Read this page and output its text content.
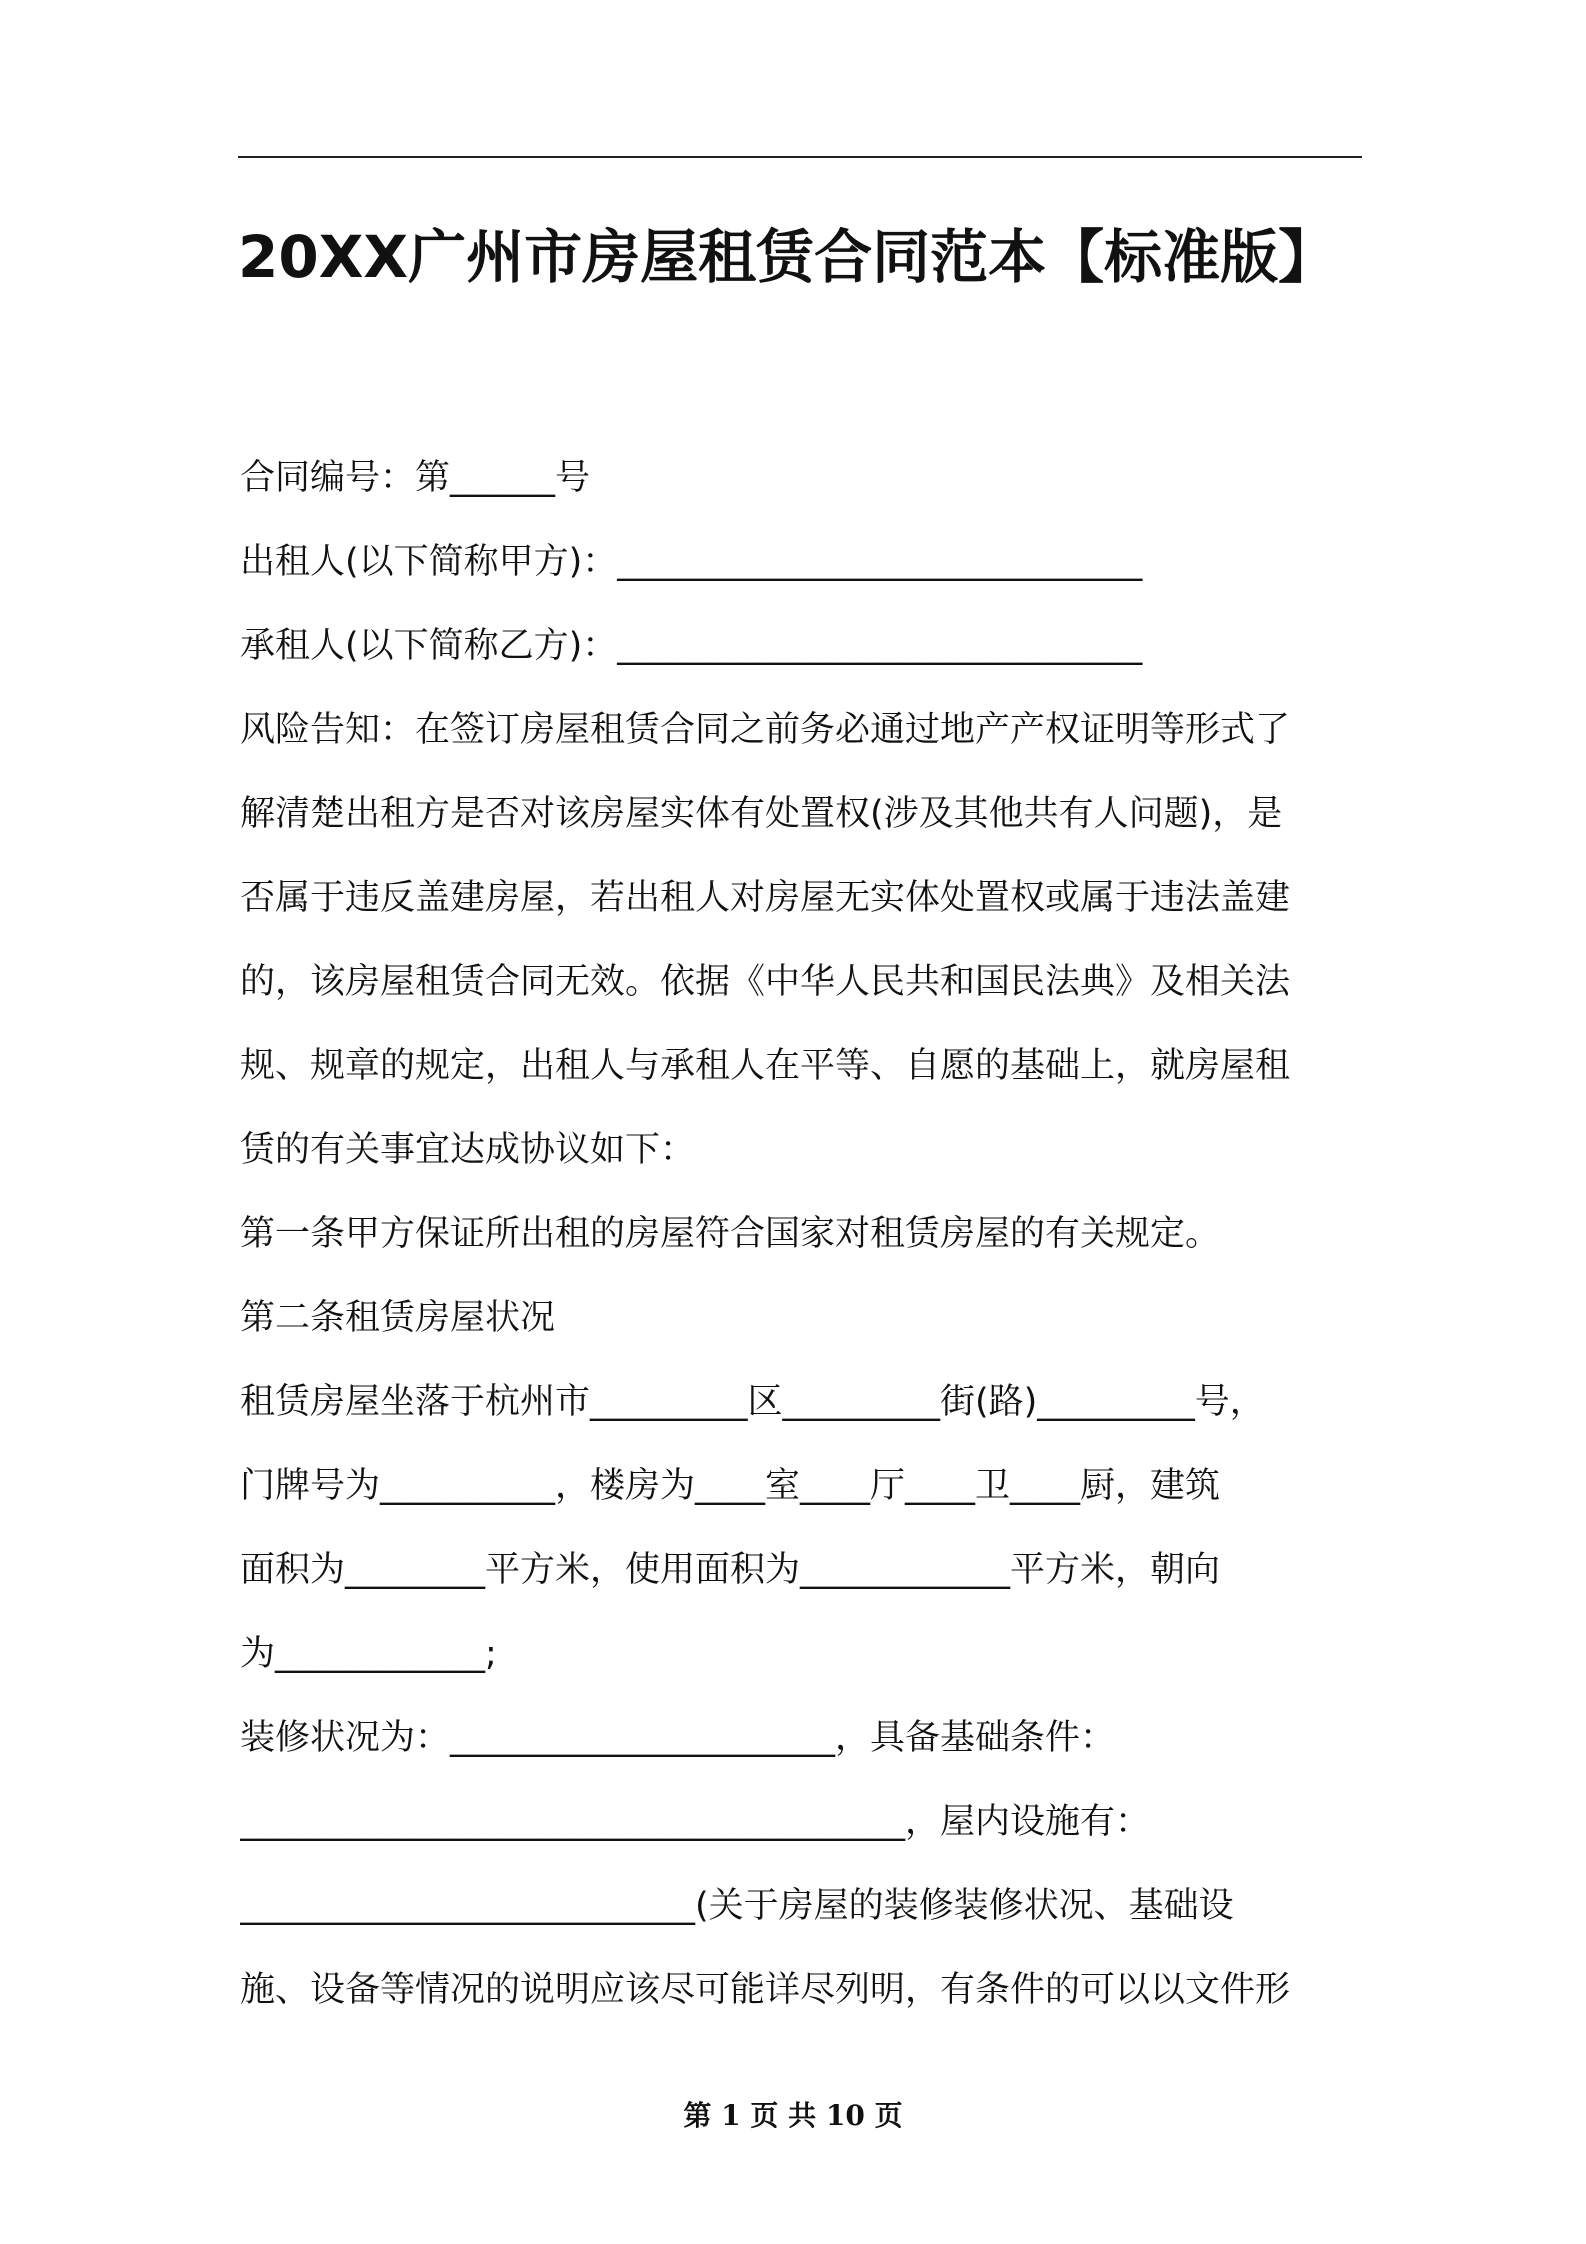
20XX广州市房屋租赁合同范本【标准版】
合同编号：第______号
出租人(以下简称甲方)：______________________________
承租人(以下简称乙方)：______________________________
风险告知：在签订房屋租赁合同之前务必通过地产产权证明等形式了
解清楚出租方是否对该房屋实体有处置权(涉及其他共有人问题)，是
否属于违反盖建房屋，若出租人对房屋无实体处置权或属于违法盖建
的，该房屋租赁合同无效。依据《中华人民共和国民法典》及相关法
规、规章的规定，出租人与承租人在平等、自愿的基础上，就房屋租
赁的有关事宜达成协议如下：
第一条甲方保证所出租的房屋符合国家对租赁房屋的有关规定。
第二条租赁房屋状况
租赁房屋坐落于杭州市_________区_________街(路)_________号，
门牌号为__________，楼房为____室____厅____卫____厨，建筑
面积为________平方米，使用面积为____________平方米，朝向
为____________;
装修状况为：______________________，具备基础条件：
______________________________________，屋内设施有：
__________________________(关于房屋的装修装修状况、基础设
施、设备等情况的说明应该尽可能详尽列明，有条件的可以以文件形
第 1 页 共 10 页
